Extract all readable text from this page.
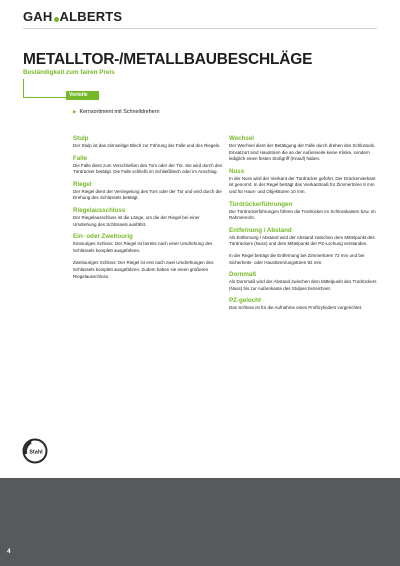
GAH ALBERTS
METALLTOR-/METALLBAUBESCHLÄGE

Beständigkeit zum fairen Preis

Vorteile
▶ Kernsortiment mit Schnelldrehern

Stulp

Der Stulp ist das stirnseitige Blech zur Führung der Falle und des Riegels.

Falle

Die Falle dient zum Verschließen des Tors oder der Tür. Sie wird durch den Türdrücker betätigt. Die Falle schließt im Schließblech oder im Anschlag.

Riegel

Der Riegel dient der Verriegelung des Tors oder der Tür und wird durch die Drehung des Schlüssels betätigt.

Riegelausschluss

Der Riegelausschluss ist die Länge, um die der Riegel bei einer Umdrehung des Schlüssels ausfährt.

Ein- oder Zweitourig

Eintouriges Schloss: Der Riegel ist bereits nach einer Umdrehung des Schlüssels komplett ausgefahren.

Zweitouriges Schloss: Der Riegel ist erst nach zwei Umdrehungen des Schlüssels komplett ausgefahren. Zudem haben sie einen größeren Riegelausschluss.

Wechsel

Der Wechsel dient der Betätigung der Falle durch drehen des Schlüssels. Einsatzort sind Haustüren die an der Außenseite keine Klinke, sondern lediglich einen festen Stoßgriff (Knauf) haben.

Nuss

In der Nuss wird der Vierkant der Türdrücker geführt. Der Drückervierkant ist genormt. In der Regel beträgt das Vierkantmaß für Zimmertüren 8 mm und für Haus- und Objekttüren 10 mm.

Türdrückerführungen

Die Türdrückerführungen führen die Türdrücker im Schlosskasten bzw. im Rahmenrohr.

Entfernung / Abstand

Als Entfernung / Abstand wird der Abstand zwischen dem Mittelpunkt des Türdrückers (Nuss) und dem Mittelpunkt der PZ-Lochung verstanden.

In der Regel beträgt die Entfernung bei Zimmertüren 72 mm und bei Sicherheits- oder Haustüren/ungstüren 92 mm.

Dornmaß

Als Dornmaß wird der Abstand zwischen dem Mittelpunkt des Türdrückers (Nuss) bis zur Außenkante des Stulpes bezeichnet.

PZ-gelocht

Das Schloss ist für die Aufnahme eines Profilzylinders vorgerichtet.

Stahl
4
